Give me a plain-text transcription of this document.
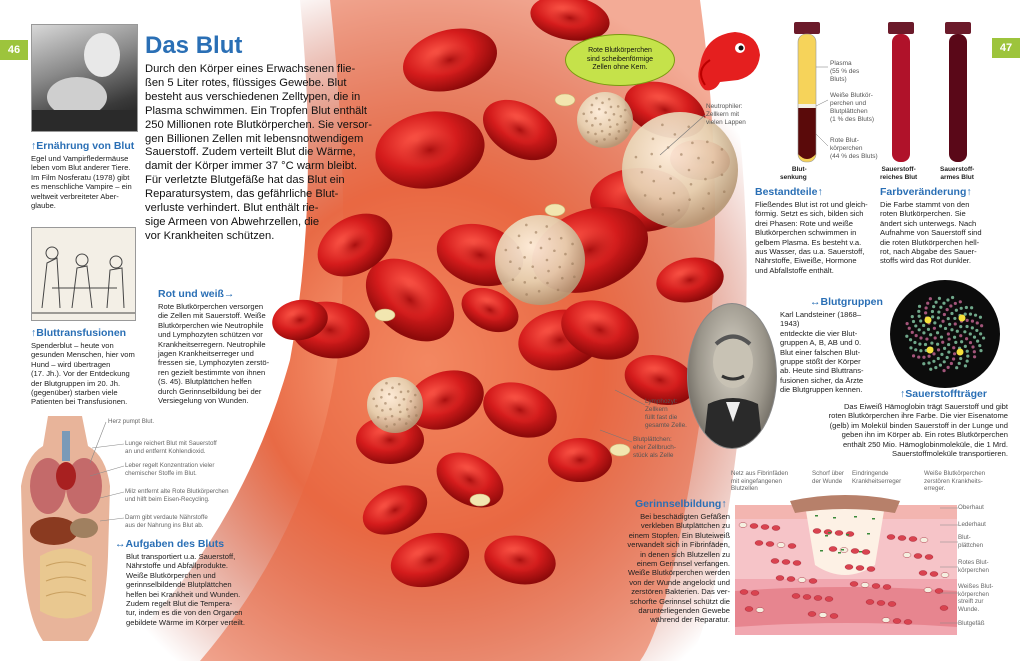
46	47
↑Ernährung von Blut
Egel und Vampirfledermäuse
leben vom Blut anderer Tiere.
Im Film Nosferatu (1978) gibt
es menschliche Vampire – ein
weltweit verbreiteter Aber-
glaube.
Das Blut
Durch den Körper eines Erwachsenen flie-
ßen 5 Liter rotes, flüssiges Gewebe. Blut
besteht aus verschiedenen Zelltypen, die in
Plasma schwimmen. Ein Tropfen Blut enthält
250 Millionen rote Blutkörperchen. Sie versor-
gen Billionen Zellen mit lebensnotwendigem
Sauerstoff. Zudem verteilt Blut die Wärme,
damit der Körper immer 37 °C warm bleibt.
Für verletzte Blutgefäße hat das Blut ein
Reparatursystem, das gefährliche Blut-
verluste verhindert. Blut enthält rie-
sige Armeen von Abwehrzellen, die
vor Krankheiten schützen.
↑Bluttransfusionen
Spenderblut – heute von
gesunden Menschen, hier vom
Hund – wird übertragen
(17. Jh.). Vor der Entdeckung
der Blutgruppen im 20. Jh.
(gegenüber) starben viele
Patienten bei Transfusionen.
Rot und weiß→
Rote Blutkörperchen versorgen
die Zellen mit Sauerstoff. Weiße
Blutkörperchen wie Neutrophile
und Lymphozyten schützen vor
Krankheitserregern. Neutrophile
jagen Krankheitserreger und
fressen sie, Lymphozyten zerstö-
ren gezielt bestimmte von ihnen
(S. 45). Blutplättchen helfen
durch Gerinnselbildung bei der
Versiegelung von Wunden.
Herz pumpt Blut.
Lunge reichert Blut mit Sauerstoff
an und entfernt Kohlendioxid.
Leber regelt Konzentration vieler
chemischer Stoffe im Blut.
Milz entfernt alte Rote Blutkörperchen
und hilft beim Eisen-Recycling.
Darm gibt verdaute Nährstoffe
aus der Nahrung ins Blut ab.
↔Aufgaben des Bluts
Blut transportiert u.a. Sauerstoff,
Nährstoffe und Abfallprodukte.
Weiße Blutkörperchen und
gerinnselbildende Blutplättchen
helfen bei Krankheit und Wunden.
Zudem regelt Blut die Tempera-
tur, indem es die von den Organen
gebildete Wärme im Körper verteilt.
Rote Blutkörperchen
sind scheibenförmige
Zellen ohne Kern.
Neutrophiler:
Zellkern mit
vielen Lappen
Lymphozyt:
Zellkern
füllt fast die
gesamte Zelle.
Blutplättchen:
eher Zellbruch-
stück als Zelle
Plasma
(55 % des
Bluts)
Weiße Blutkör-
perchen und
Blutplättchen
(1 % des Bluts)
Rote Blut-
körperchen
(44 % des Bluts)
Blut-
senkung
Sauerstoff-
reiches Blut
Sauerstoff-
armes Blut
Bestandteile↑
Fließendes Blut ist rot und gleich-
förmig. Setzt es sich, bilden sich
drei Phasen: Rote und weiße
Blutkörperchen schwimmen in
gelbem Plasma. Es besteht v.a.
aus Wasser, das u.a. Sauerstoff,
Nährstoffe, Eiweiße, Hormone
und Abfallstoffe enthält.
Farbveränderung↑
Die Farbe stammt von den
roten Blutkörperchen. Sie
ändert sich unterwegs. Nach
Aufnahme von Sauerstoff sind
die roten Blutkörperchen hell-
rot, nach Abgabe des Sauer-
stoffs wird das Rot dunkler.
↔Blutgruppen
Karl Landsteiner (1868–1943)
entdeckte die vier Blut-
gruppen A, B, AB und 0.
Blut einer falschen Blut-
gruppe stößt der Körper
ab. Heute sind Bluttrans-
fusionen sicher, da Ärzte
die Blutgruppen kennen.	↑Sauerstoffträger
Das Eiweiß Hämoglobin trägt Sauerstoff und gibt
roten Blutkörperchen ihre Farbe. Die vier Eisenatome
(gelb) im Molekül binden Sauerstoff in der Lunge und
geben ihn im Körper ab. Ein rotes Blutkörperchen
enthält 250 Mio. Hämoglobinmoleküle, die 1 Mrd.
Sauerstoffmoleküle transportieren.
Gerinnselbildung↑
Bei beschädigten Gefäßen
verkleben Blutplättchen zu
einem Stopfen. Ein Bluteiweiß
verwandelt sich in Fibrinfäden,
in denen sich Blutzellen zu
einem Gerinnsel verfangen.
Weiße Blutkörperchen werden
von der Wunde angelockt und
zerstören Bakterien. Das ver-
schorfte Gerinnsel schützt die
darunterliegenden Gewebe
während der Reparatur.
Netz aus Fibrinfäden
mit eingefangenen
Blutzellen
Schorf über
der Wunde
Eindringende
Krankheitserreger
Weiße Blutkörperchen
zerstören Krankheits-
erreger.
Oberhaut
Lederhaut
Blut-
plättchen
Rotes Blut-
körperchen
Weißes Blut-
körperchen
streift zur
Wunde.
Blutgefäß
